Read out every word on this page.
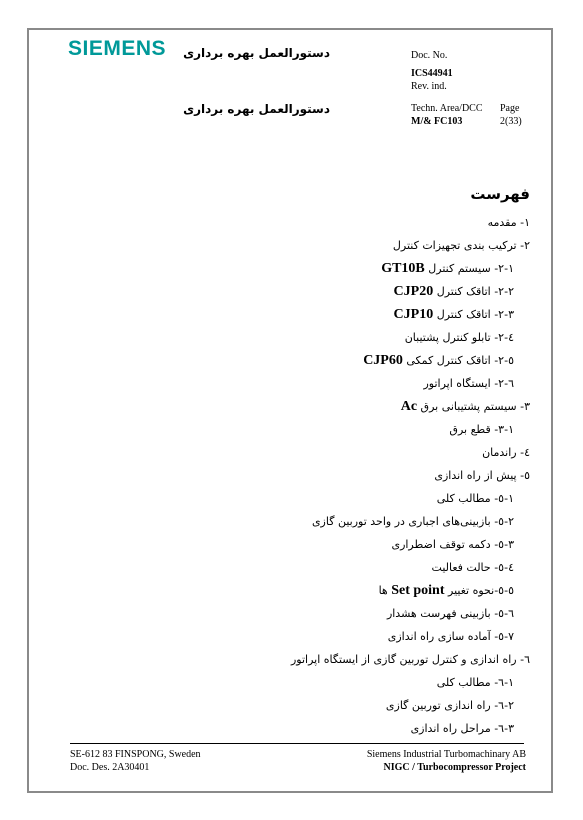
SIEMENS دستورالعمل بهره برداری
دستورالعمل بهره برداری
Doc. No.
ICS44941
Rev. ind.
Techn. Area/DCC
M/& FC103
Page
2(33)
فهرست
١- مقدمه
٢- ترکیب بندی تجهیزات کنترل
١-٢- سیستم کنترل GT10B
٢-٢- اتاقک کنترل CJP20
٣-٢- اتاقک کنترل CJP10
٤-٢- تابلو کنترل پشتیبان
٥-٢- اتاقک کنترل کمکی CJP60
٦-٢- ایستگاه اپراتور
٣- سیستم پشتیبانی برق Ac
١-٣- قطع برق
٤- راندمان
٥- پیش از راه اندازی
١-٥- مطالب کلی
٢-٥- بازبینی‌های اجباری در واحد توربین گازی
٣-٥- دکمه توقف اضطراری
٤-٥- حالت فعالیت
٥-٥-نحوه تغییر Set point ها
٦-٥- بازبینی فهرست هشدار
٧-٥- آماده سازی راه اندازی
٦- راه اندازی و کنترل توربین گازی از ایستگاه اپراتور
١-٦- مطالب کلی
٢-٦- راه اندازی توربین گازی
٣-٦- مراحل راه اندازی
SE-612 83 FINSPONG, Sweden
Doc. Des. 2A30401
Siemens Industrial Turbomachinary AB
NIGC / Turbocompressor Project
